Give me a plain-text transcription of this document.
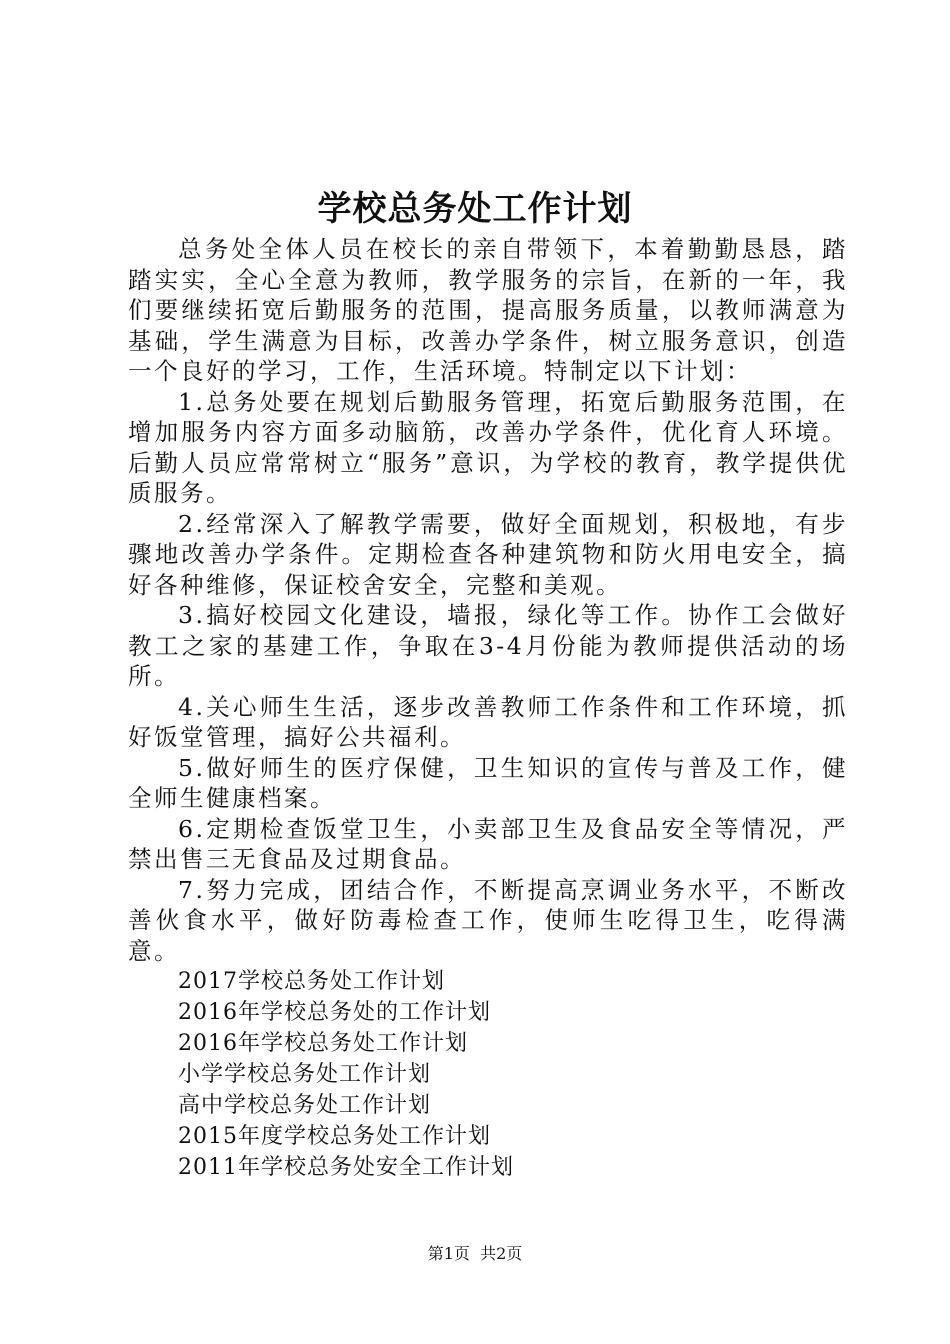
学校总务处工作计划

总务处全体人员在校长的亲自带领下，本着勤勤恳恳，踏踏实实，全心全意为教师，教学服务的宗旨，在新的一年，我们要继续拓宽后勤服务的范围，提高服务质量，以教师满意为基础，学生满意为目标，改善办学条件，树立服务意识，创造一个良好的学习，工作，生活环境。特制定以下计划：

1.总务处要在规划后勤服务管理，拓宽后勤服务范围，在增加服务内容方面多动脑筋，改善办学条件，优化育人环境。后勤人员应常常树立“服务”意识，为学校的教育，教学提供优质服务。

2.经常深入了解教学需要，做好全面规划，积极地，有步骤地改善办学条件。定期检查各种建筑物和防火用电安全，搞好各种维修，保证校舍安全，完整和美观。

3.搞好校园文化建设，墙报，绿化等工作。协作工会做好教工之家的基建工作，争取在3-4月份能为教师提供活动的场所。

4.关心师生生活，逐步改善教师工作条件和工作环境，抓好饭堂管理，搞好公共福利。

5.做好师生的医疗保健，卫生知识的宣传与普及工作，健全师生健康档案。

6.定期检查饭堂卫生，小卖部卫生及食品安全等情况，严禁出售三无食品及过期食品。

7.努力完成，团结合作，不断提高烹调业务水平，不断改善伙食水平，做好防毒检查工作，使师生吃得卫生，吃得满意。

2017学校总务处工作计划
2016年学校总务处的工作计划
2016年学校总务处工作计划
小学学校总务处工作计划
高中学校总务处工作计划
2015年度学校总务处工作计划
2011年学校总务处安全工作计划
第1页  共2页
